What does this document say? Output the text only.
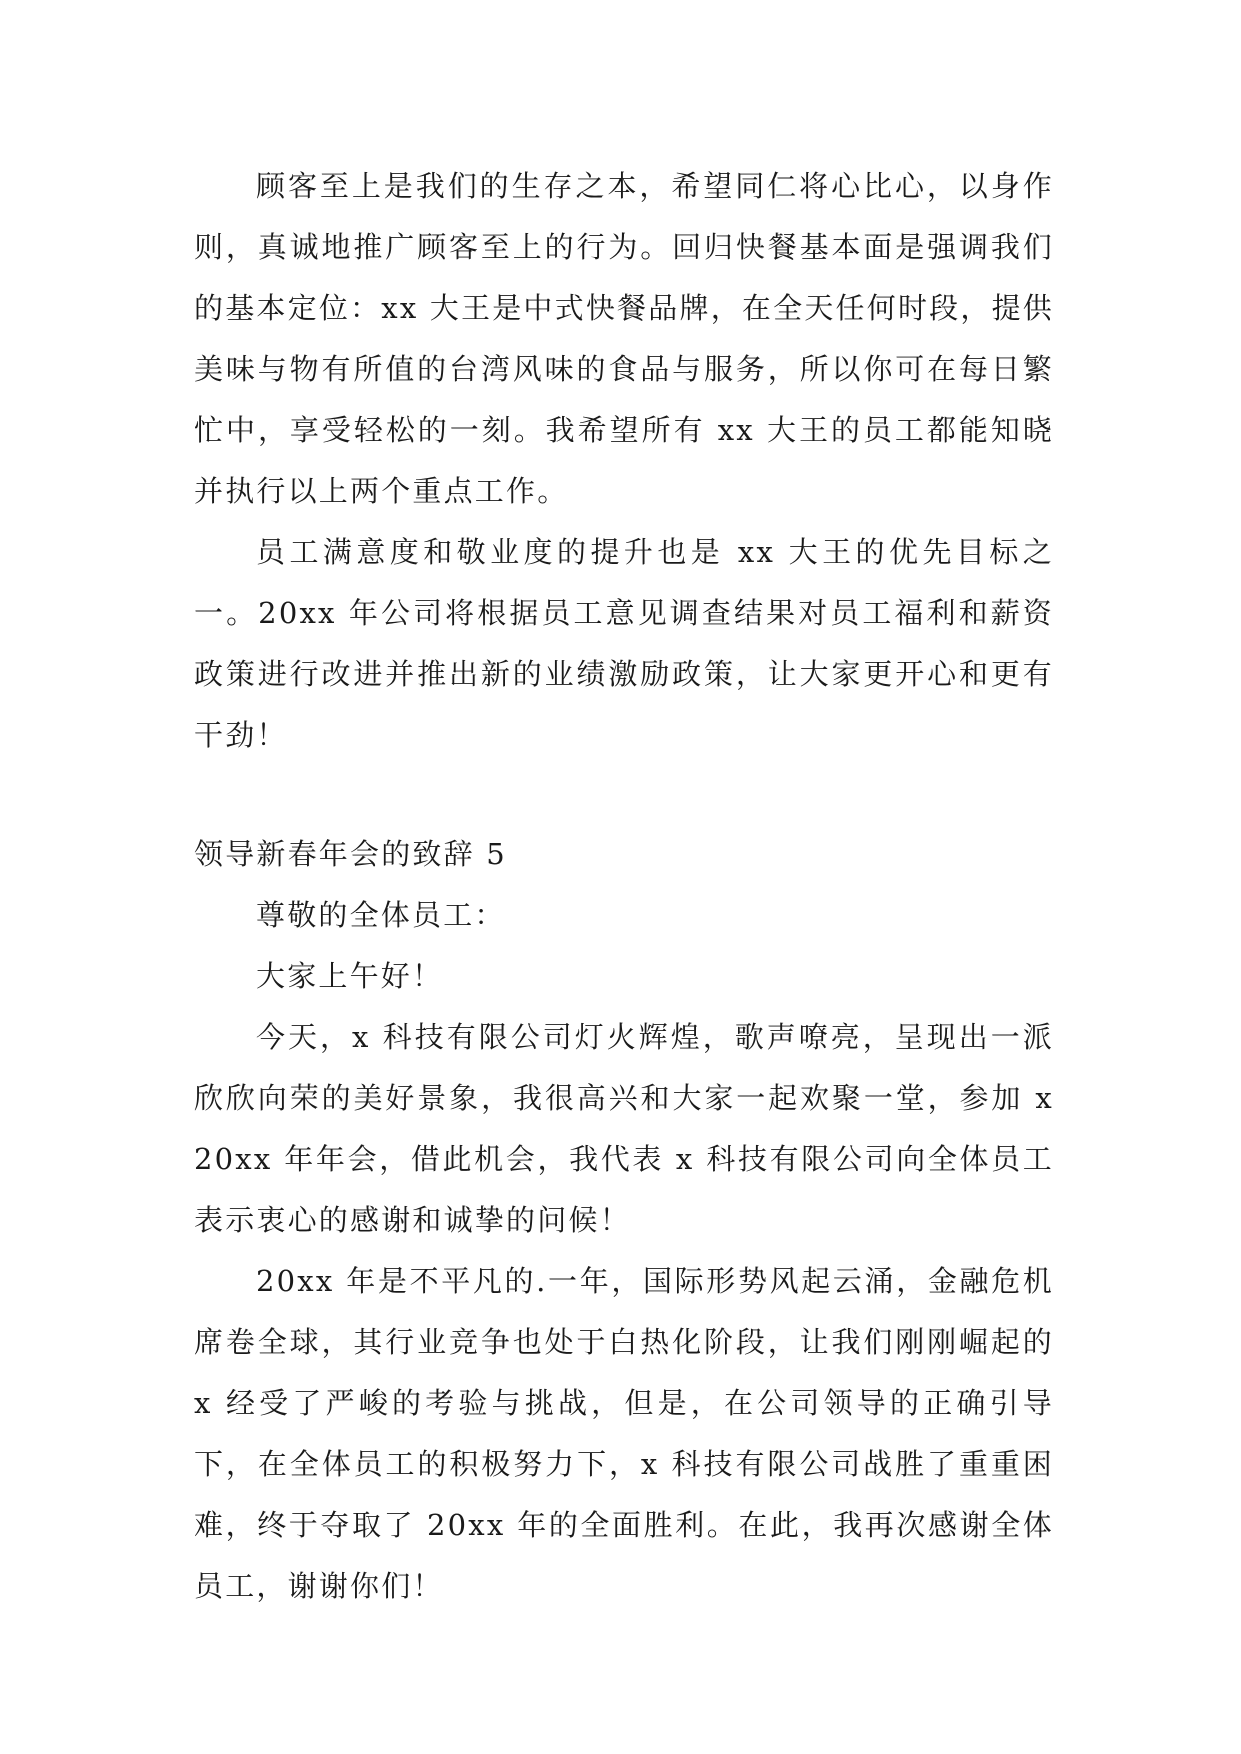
顾客至上是我们的生存之本，希望同仁将心比心，以身作则，真诚地推广顾客至上的行为。回归快餐基本面是强调我们的基本定位：xx 大王是中式快餐品牌，在全天任何时段，提供美味与物有所值的台湾风味的食品与服务，所以你可在每日繁忙中，享受轻松的一刻。我希望所有 xx 大王的员工都能知晓并执行以上两个重点工作。

员工满意度和敬业度的提升也是 xx 大王的优先目标之一。20xx 年公司将根据员工意见调查结果对员工福利和薪资政策进行改进并推出新的业绩激励政策，让大家更开心和更有干劲！

领导新春年会的致辞 5

尊敬的全体员工：

大家上午好！

今天，x 科技有限公司灯火辉煌，歌声嘹亮，呈现出一派欣欣向荣的美好景象，我很高兴和大家一起欢聚一堂，参加 x20xx 年年会，借此机会，我代表 x 科技有限公司向全体员工表示衷心的感谢和诚挚的问候！

20xx 年是不平凡的.一年，国际形势风起云涌，金融危机席卷全球，其行业竞争也处于白热化阶段，让我们刚刚崛起的 x 经受了严峻的考验与挑战，但是，在公司领导的正确引导下，在全体员工的积极努力下，x 科技有限公司战胜了重重困难，终于夺取了 20xx 年的全面胜利。在此，我再次感谢全体员工，谢谢你们！
